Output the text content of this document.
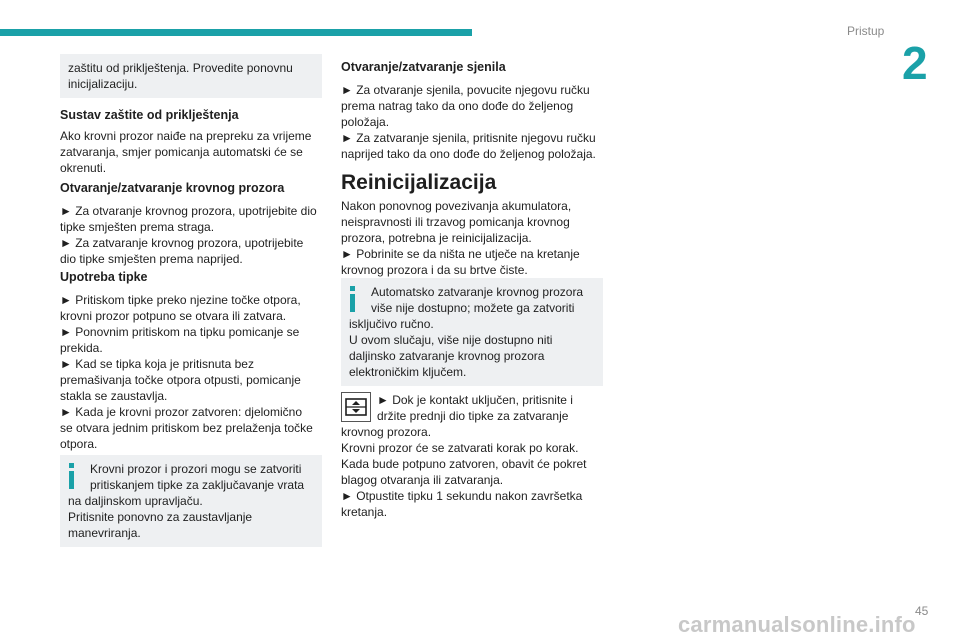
Pristup
2

zaštitu od priklještenja. Provedite ponovnu

inicijalizaciju.

Sustav zaštite od priklještenja

Ako krovni prozor naiđe na prepreku za vrijeme

zatvaranja, smjer pomicanja automatski će se

okrenuti.

Otvaranje/zatvaranje krovnog prozora

► Za otvaranje krovnog prozora, upotrijebite dio

tipke smješten prema straga.

► Za zatvaranje krovnog prozora, upotrijebite

dio tipke smješten prema naprijed.

Upotreba tipke

► Pritiskom tipke preko njezine točke otpora,

krovni prozor potpuno se otvara ili zatvara.

► Ponovnim pritiskom na tipku pomicanje se

prekida.

► Kad se tipka koja je pritisnuta bez

premašivanja točke otpora otpusti, pomicanje

stakla se zaustavlja.

► Kada je krovni prozor zatvoren: djelomično

se otvara jednim pritiskom bez prelaženja točke

otpora.

Krovni prozor i prozori mogu se zatvoriti

pritiskanjem tipke za zaključavanje vrata

na daljinskom upravljaču.

Pritisnite ponovno za zaustavljanje

manevriranja.

Otvaranje/zatvaranje sjenila

► Za otvaranje sjenila, povucite njegovu ručku

prema natrag tako da ono dođe do željenog

položaja.

► Za zatvaranje sjenila, pritisnite njegovu ručku

naprijed tako da ono dođe do željenog položaja.

Reinicijalizacija

Nakon ponovnog povezivanja akumulatora,

neispravnosti ili trzavog pomicanja krovnog

prozora, potrebna je reinicijalizacija.

► Pobrinite se da ništa ne utječe na kretanje

krovnog prozora i da su brtve čiste.

Automatsko zatvaranje krovnog prozora

više nije dostupno; možete ga zatvoriti

isključivo ručno.

U ovom slučaju, više nije dostupno niti

daljinsko zatvaranje krovnog prozora

elektroničkim ključem.

► Dok je kontakt uključen, pritisnite i

držite prednji dio tipke za zatvaranje

krovnog prozora.

Krovni prozor će se zatvarati korak po korak.

Kada bude potpuno zatvoren, obavit će pokret

blagog otvaranja ili zatvaranja.

► Otpustite tipku 1 sekundu nakon završetka

kretanja.

45
carmanualsonline.info
